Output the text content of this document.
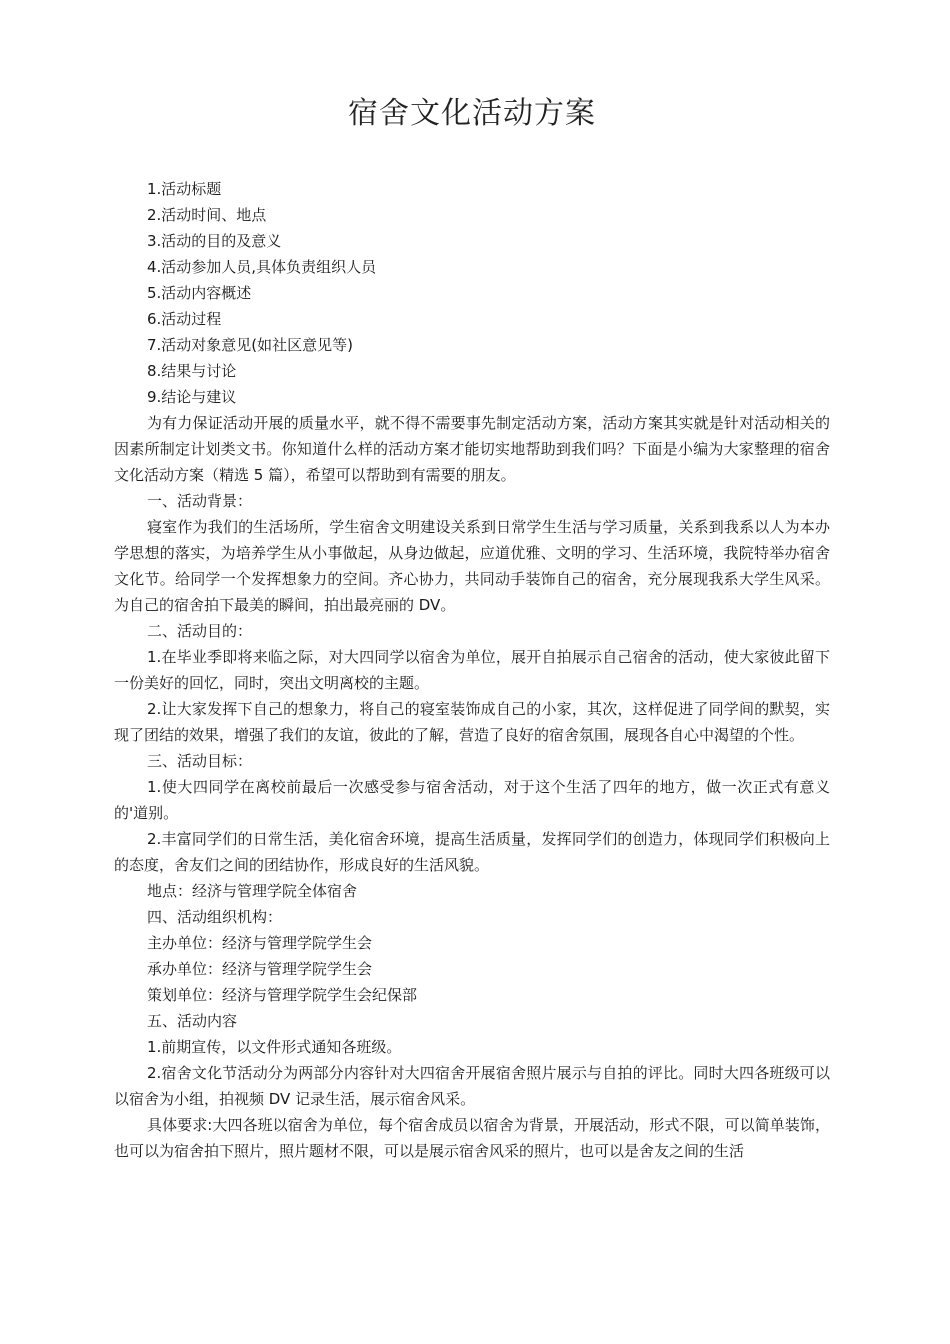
宿舍文化活动方案
1.活动标题
2.活动时间、地点
3.活动的目的及意义
4.活动参加人员,具体负责组织人员
5.活动内容概述
6.活动过程
7.活动对象意见(如社区意见等)
8.结果与讨论
9.结论与建议

为有力保证活动开展的质量水平，就不得不需要事先制定活动方案，活动方案其实就是针对活动相关的因素所制定计划类文书。你知道什么样的活动方案才能切实地帮助到我们吗？下面是小编为大家整理的宿舍文化活动方案（精选 5 篇），希望可以帮助到有需要的朋友。

一、活动背景：

寝室作为我们的生活场所，学生宿舍文明建设关系到日常学生生活与学习质量，关系到我系以人为本办学思想的落实，为培养学生从小事做起，从身边做起，应道优雅、文明的学习、生活环境，我院特举办宿舍文化节。给同学一个发挥想象力的空间。齐心协力，共同动手装饰自己的宿舍，充分展现我系大学生风采。为自己的宿舍拍下最美的瞬间，拍出最亮丽的 DV。

二、活动目的：

1.在毕业季即将来临之际，对大四同学以宿舍为单位，展开自拍展示自己宿舍的活动，使大家彼此留下一份美好的回忆，同时，突出文明离校的主题。

2.让大家发挥下自己的想象力，将自己的寝室装饰成自己的小家，其次，这样促进了同学间的默契，实现了团结的效果，增强了我们的友谊，彼此的了解，营造了良好的宿舍氛围，展现各自心中渴望的个性。

三、活动目标：

1.使大四同学在离校前最后一次感受参与宿舍活动，对于这个生活了四年的地方，做一次正式有意义的'道别。

2.丰富同学们的日常生活，美化宿舍环境，提高生活质量，发挥同学们的创造力，体现同学们积极向上的态度，舍友们之间的团结协作，形成良好的生活风貌。

地点：经济与管理学院全体宿舍

四、活动组织机构：

主办单位：经济与管理学院学生会

承办单位：经济与管理学院学生会

策划单位：经济与管理学院学生会纪保部

五、活动内容

1.前期宣传，以文件形式通知各班级。

2.宿舍文化节活动分为两部分内容针对大四宿舍开展宿舍照片展示与自拍的评比。同时大四各班级可以以宿舍为小组，拍视频 DV 记录生活，展示宿舍风采。

具体要求:大四各班以宿舍为单位，每个宿舍成员以宿舍为背景，开展活动，形式不限，可以简单装饰，也可以为宿舍拍下照片，照片题材不限，可以是展示宿舍风采的照片，也可以是舍友之间的生活
